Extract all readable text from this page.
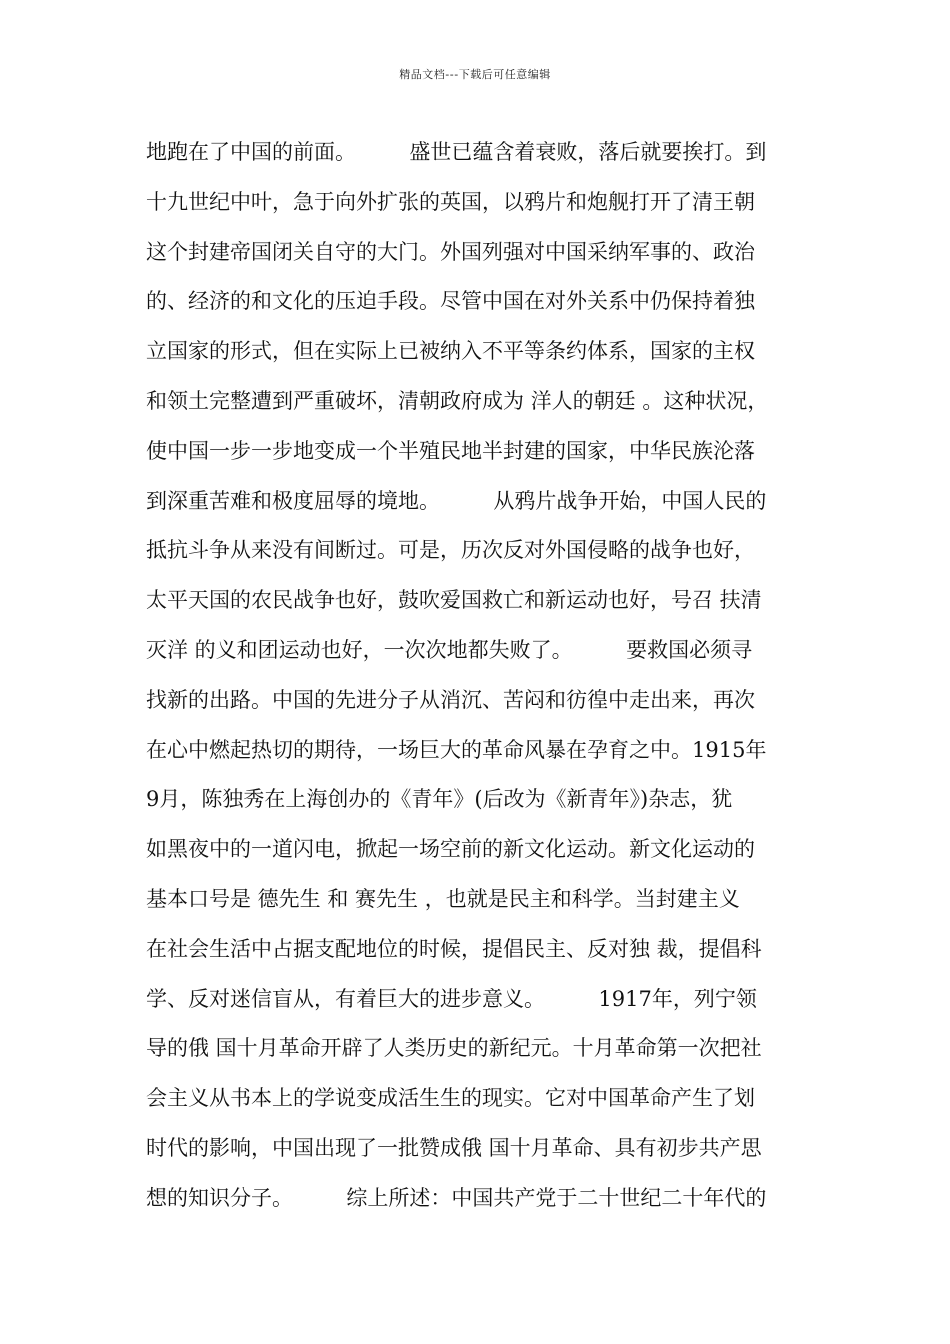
精品文档---下载后可任意编辑
地跑在了中国的前面。        盛世已蕴含着衰败，落后就要挨打。到
十九世纪中叶，急于向外扩张的英国，以鸦片和炮舰打开了清王朝
这个封建帝国闭关自守的大门。外国列强对中国采纳军事的、政治
的、经济的和文化的压迫手段。尽管中国在对外关系中仍保持着独
立国家的形式，但在实际上已被纳入不平等条约体系，国家的主权
和领土完整遭到严重破坏，清朝政府成为 洋人的朝廷 。这种状况，
使中国一步一步地变成一个半殖民地半封建的国家，中华民族沦落
到深重苦难和极度屈辱的境地。        从鸦片战争开始，中国人民的
抵抗斗争从来没有间断过。可是，历次反对外国侵略的战争也好，
太平天国的农民战争也好，鼓吹爱国救亡和新运动也好，号召 扶清
灭洋 的义和团运动也好，一次次地都失败了。        要救国必须寻
找新的出路。中国的先进分子从消沉、苦闷和彷徨中走出来，再次
在心中燃起热切的期待，一场巨大的革命风暴在孕育之中。1915年
9月，陈独秀在上海创办的《青年》(后改为《新青年》)杂志，犹
如黑夜中的一道闪电，掀起一场空前的新文化运动。新文化运动的
基本口号是 德先生 和 赛先生 ，也就是民主和科学。当封建主义
在社会生活中占据支配地位的时候，提倡民主、反对独 裁，提倡科
学、反对迷信盲从，有着巨大的进步意义。        1917年，列宁领
导的俄 国十月革命开辟了人类历史的新纪元。十月革命第一次把社
会主义从书本上的学说变成活生生的现实。它对中国革命产生了划
时代的影响，中国出现了一批赞成俄 国十月革命、具有初步共产思
想的知识分子。        综上所述：中国共产党于二十世纪二十年代的
